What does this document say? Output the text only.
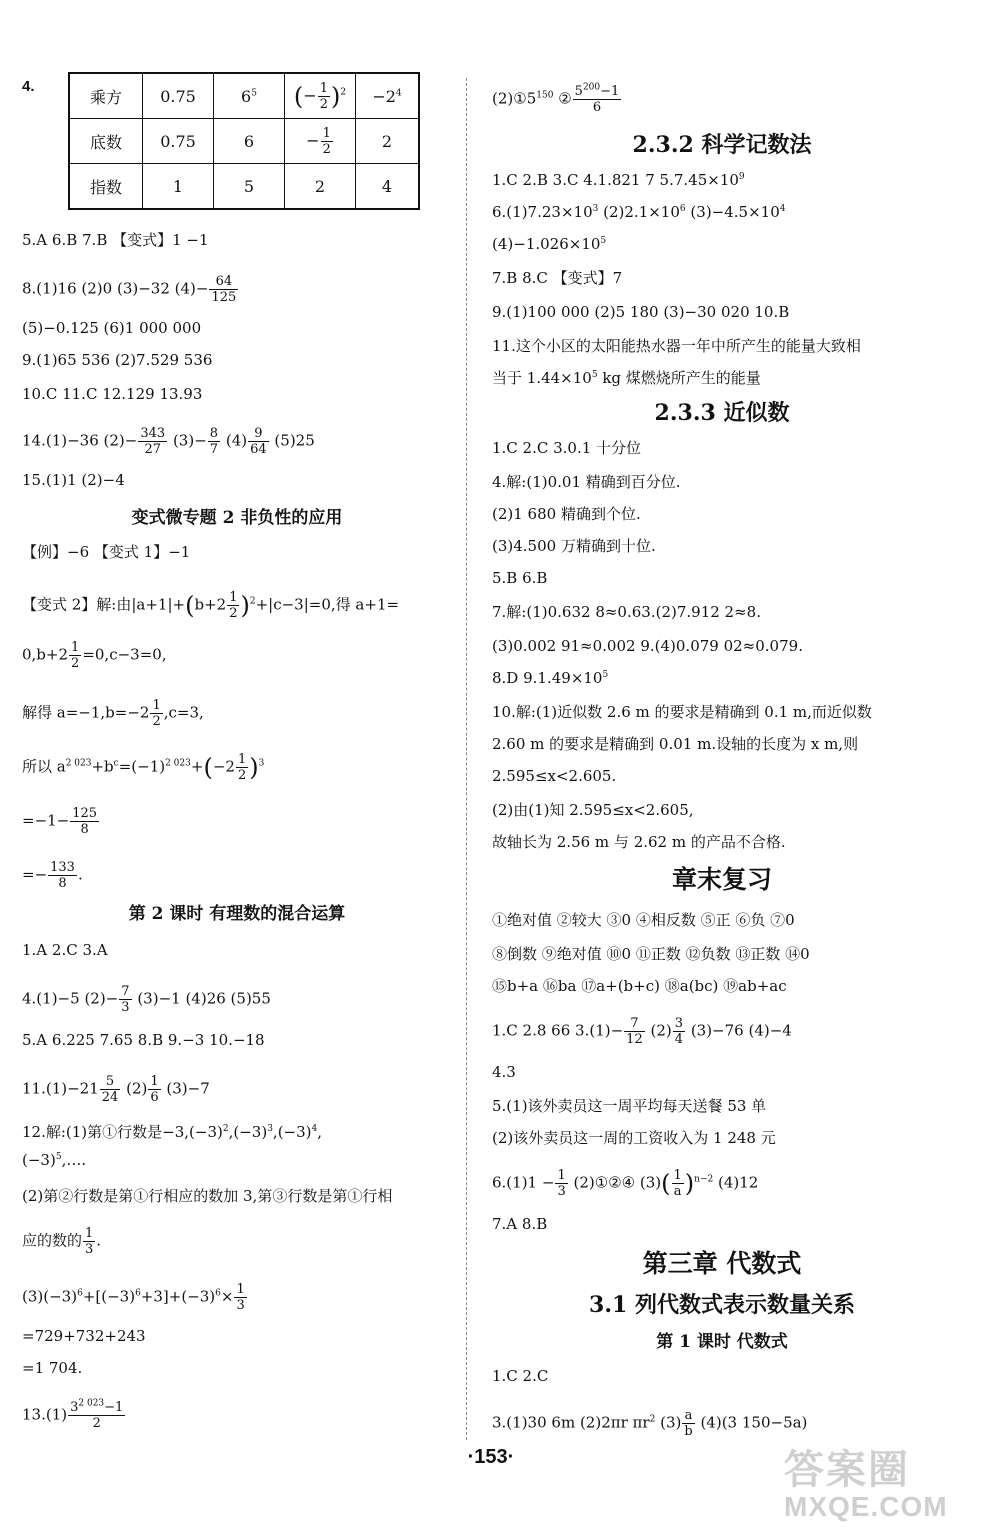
4.
乘方	0.75	$6^5$	(− $\frac{1}{2} )^2$	$-2^4$
底数	0.75	6	− $\frac{1}{2}$	2
指数	1	5	2	4
5.A 6.B 7.B 【变式】1 −1
8.(1)16 (2)0 (3)−32 $(4)- \frac{64}{125}$
(5)−0.125 (6)1 000 000
9.(1)65 536 (2)7.529 536
10.C 11.C 12.129 13.93
14.(1)−36 $(2)- \frac{343}{27} (3)- \frac{8}{7} (4) \frac{9}{64} (5)25$
15.(1)1 (2)−4
变式微专题 2 非负性的应用
【例】−6 【变式 1】−1
【变式 2】解:由$|a+1|+(b+2 \frac{1}{2} )^2+|c-3|=0$,得 a+1=
$0,b+2 \frac{1}{2} =0,c-3=0$,
解得 $a=-1,b=-2 \frac{1}{2} ,c=3$,
所以 $a^{2 023}+b^c=(-1)^{2 023}+(-2 \frac{1}{2} )^3$
$=-1- \frac{125}{8}$
=− $\frac{133}{8}$ .
第 2 课时 有理数的混合运算
1.A 2.C 3.A
4.(1)−5 $(2)- \frac{7}{3} (3)-1$ (4)26 (5)55
5.A 6.225 7.65 8.B 9.−3 10.−18
$11.(1)-21 \frac{5}{24} (2) \frac{1}{6} (3)-7$
12.解:(1)第①行数是$-3,(-3)^2,(-3)^3,(-3)^4$,
$(-3)^5,\dots$.
(2)第②行数是第①行相应的数加 3,第③行数是第①行相
应的数的 $\frac{1}{3}$ .
$(3)(-3)^6+[(-3)^6+3]+(-3)^6\times \frac{1}{3}$
=729+732+243
=1 704.
$13.(1) \frac{3^{2 023}-1}{2}$
$(2)①5^{150}$ ② $\frac{5^{200}-1}{6}$
2.3.2 科学记数法
1.C 2.B 3.C 4.1.821 7 $5.7.45\times 10^9$
$6.(1)7.23\times 10^3$ $(2)2.1\times 10^6$ $(3)-4.5\times 10^4$
$(4)-1.026\times 10^5$
7.B 8.C 【变式】7
9.(1)100 000 (2)5 180 (3)−30 020 10.B
11.这个小区的太阳能热水器一年中所产生的能量大致相
当于 $1.44\times 10^5$ kg 煤燃烧所产生的能量
2.3.3 近似数
1.C 2.C 3.0.1 十分位
4.解:(1)0.01 精确到百分位.
(2)1 680 精确到个位.
(3)4.500 万精确到十位.
5.B 6.B
7.解:(1)0.632 8≈0.63.(2)7.912 2≈8.
(3)0.002 91≈0.002 9.(4)0.079 02≈0.079.
8.D $9.1.49\times 10^5$
10.解:(1)近似数 2.6 m 的要求是精确到 0.1 m,而近似数
2.60 m 的要求是精确到 0.01 m.设轴的长度为 x m,则
2.595≤x<2.605.
(2)由(1)知 2.595≤x<2.605,
故轴长为 2.56 m 与 2.62 m 的产品不合格.
章末复习
①绝对值 ②较大 ③0 ④相反数 ⑤正 ⑥负 ⑦0
⑧倒数 ⑨绝对值 ⑩0 ⑪正数 ⑫负数 ⑬正数 ⑭0
⑮b+a ⑯ba ⑰a+(b+c) ⑱a(bc) ⑲ab+ac
1.C 2.8 66 $3.(1)- \frac{7}{12} (2) \frac{3}{4} (3)-76$ (4)−4
4.3
5.(1)该外卖员这一周平均每天送餐 53 单
(2)该外卖员这一周的工资收入为 1 248 元
$6.(1)1 - \frac{1}{3}$ (2)①②④ $(3)( \frac{1}{a} )^{n-2}$ (4)12
7.A 8.B
第三章 代数式
3.1 列代数式表示数量关系
第 1 课时 代数式
1.C 2.C
3.(1)30 6m (2)2πr $\pi r^2$ $(3) \frac{a}{b} (4)(3$ 150−5a)
·153·	答案圈
MXQE.COM
